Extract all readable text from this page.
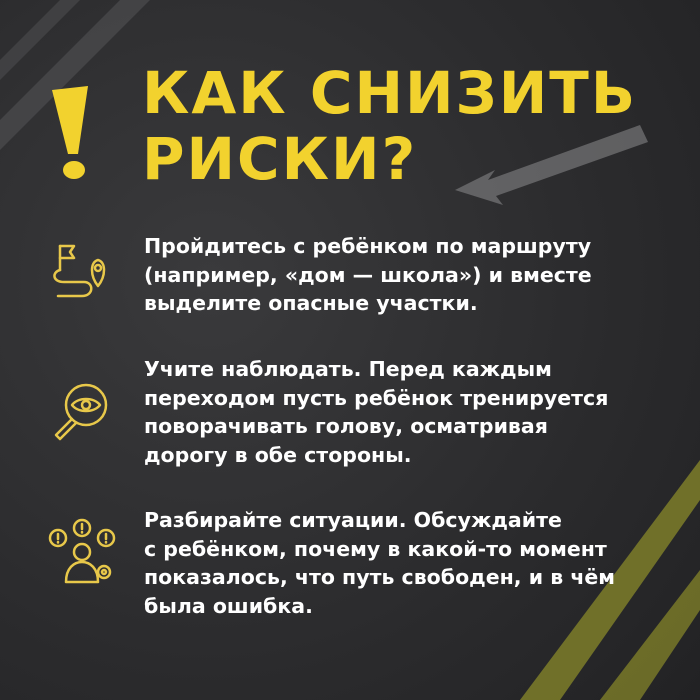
КАК СНИЗИТЬ
РИСКИ?

Пройдитесь с ребёнком по маршруту
(например, «дом — школа») и вместе
выделите опасные участки.

Учите наблюдать. Перед каждым
переходом пусть ребёнок тренируется
поворачивать голову, осматривая
дорогу в обе стороны.

Разбирайте ситуации. Обсуждайте
с ребёнком, почему в какой-то момент
показалось, что путь свободен, и в чём
была ошибка.
